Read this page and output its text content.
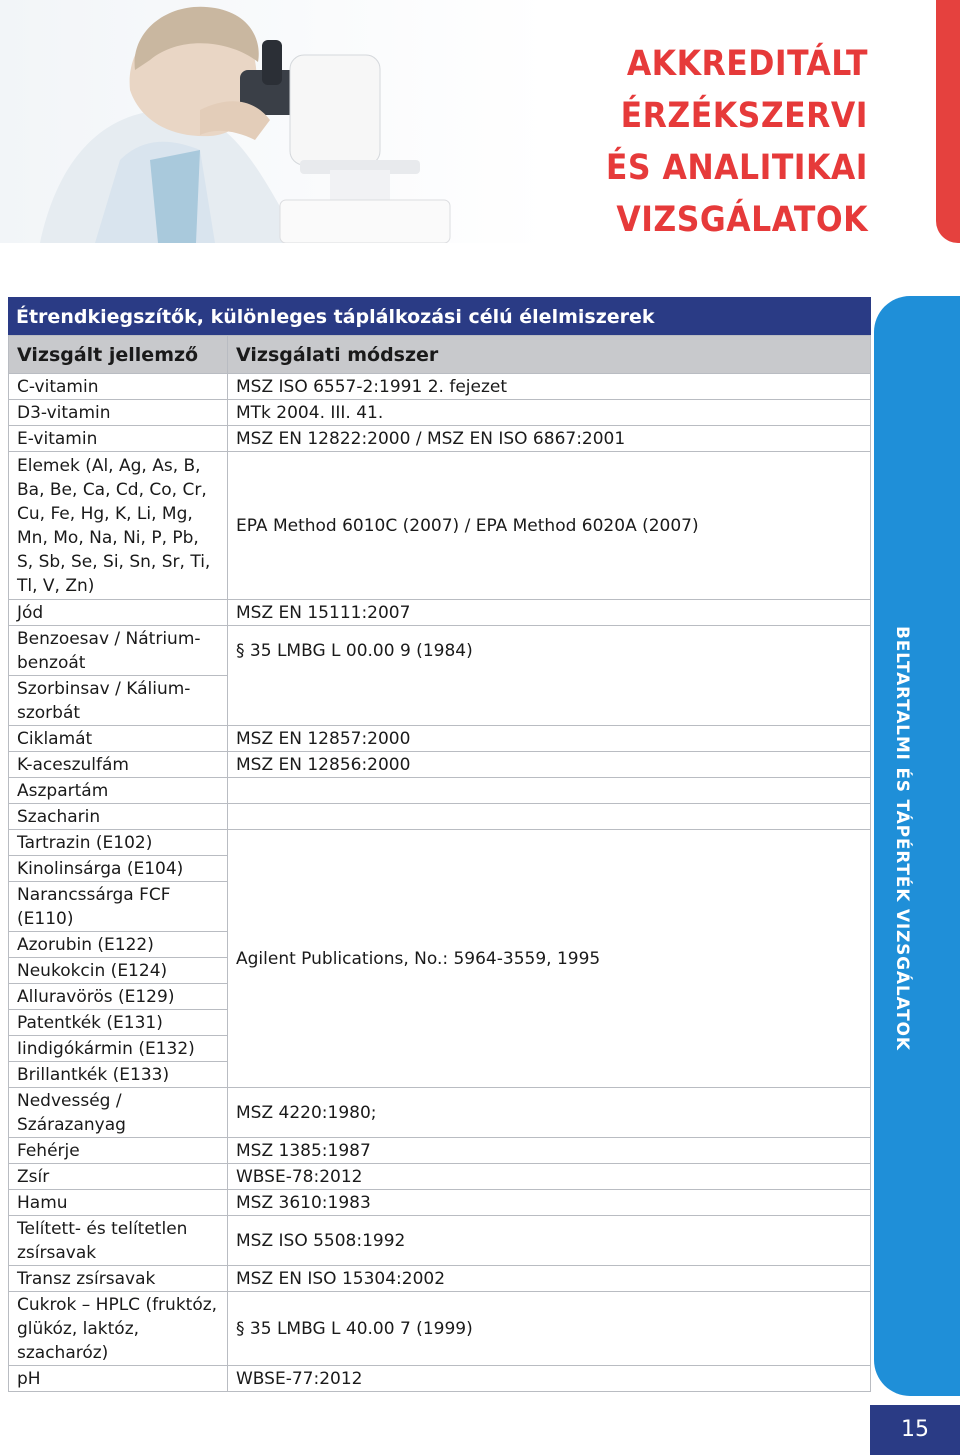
AKKREDITÁLT
ÉRZÉKSZERVI
ÉS ANALITIKAI
VIZSGÁLATOK
BELTARTALMI ÉS TÁPÉRTÉK VIZSGÁLATOK
Étrendkiegszítők, különleges táplálkozási célú élelmiszerek
Vizsgált jellemző	Vizsgálati módszer
C-vitamin	MSZ ISO 6557-2:1991 2. fejezet
D3-vitamin	MTk 2004. III. 41.
E-vitamin	MSZ EN 12822:2000 / MSZ EN ISO 6867:2001
Elemek (Al, Ag, As, B, Ba, Be, Ca, Cd, Co, Cr, Cu, Fe, Hg, K, Li, Mg, Mn, Mo, Na, Ni, P, Pb, S, Sb, Se, Si, Sn, Sr, Ti, Tl, V, Zn)	EPA Method 6010C (2007) / EPA Method 6020A (2007)
Jód	MSZ EN 15111:2007
Benzoesav / Nátrium-benzoát	§ 35 LMBG L 00.00 9 (1984)
Szorbinsav / Kálium-szorbát	
Ciklamát	MSZ EN 12857:2000
K-aceszulfám	MSZ EN 12856:2000
Aszpartám	
Szacharin	
Tartrazin (E102)	Agilent Publications, No.: 5964-3559, 1995
Kinolinsárga (E104)	
Narancssárga FCF (E110)	
Azorubin (E122)	
Neukokcin (E124)	
Alluravörös (E129)	
Patentkék (E131)	
Iindigókármin (E132)	
Brillantkék (E133)	
Nedvesség / Szárazanyag	MSZ 4220:1980;
Fehérje	MSZ 1385:1987
Zsír	WBSE-78:2012
Hamu	MSZ 3610:1983
Telített- és telítetlen zsírsavak	MSZ ISO 5508:1992
Transz zsírsavak	MSZ EN ISO 15304:2002
Cukrok – HPLC (fruktóz, glükóz, laktóz, szacharóz)	§ 35 LMBG L 40.00 7 (1999)
pH	WBSE-77:2012
15
